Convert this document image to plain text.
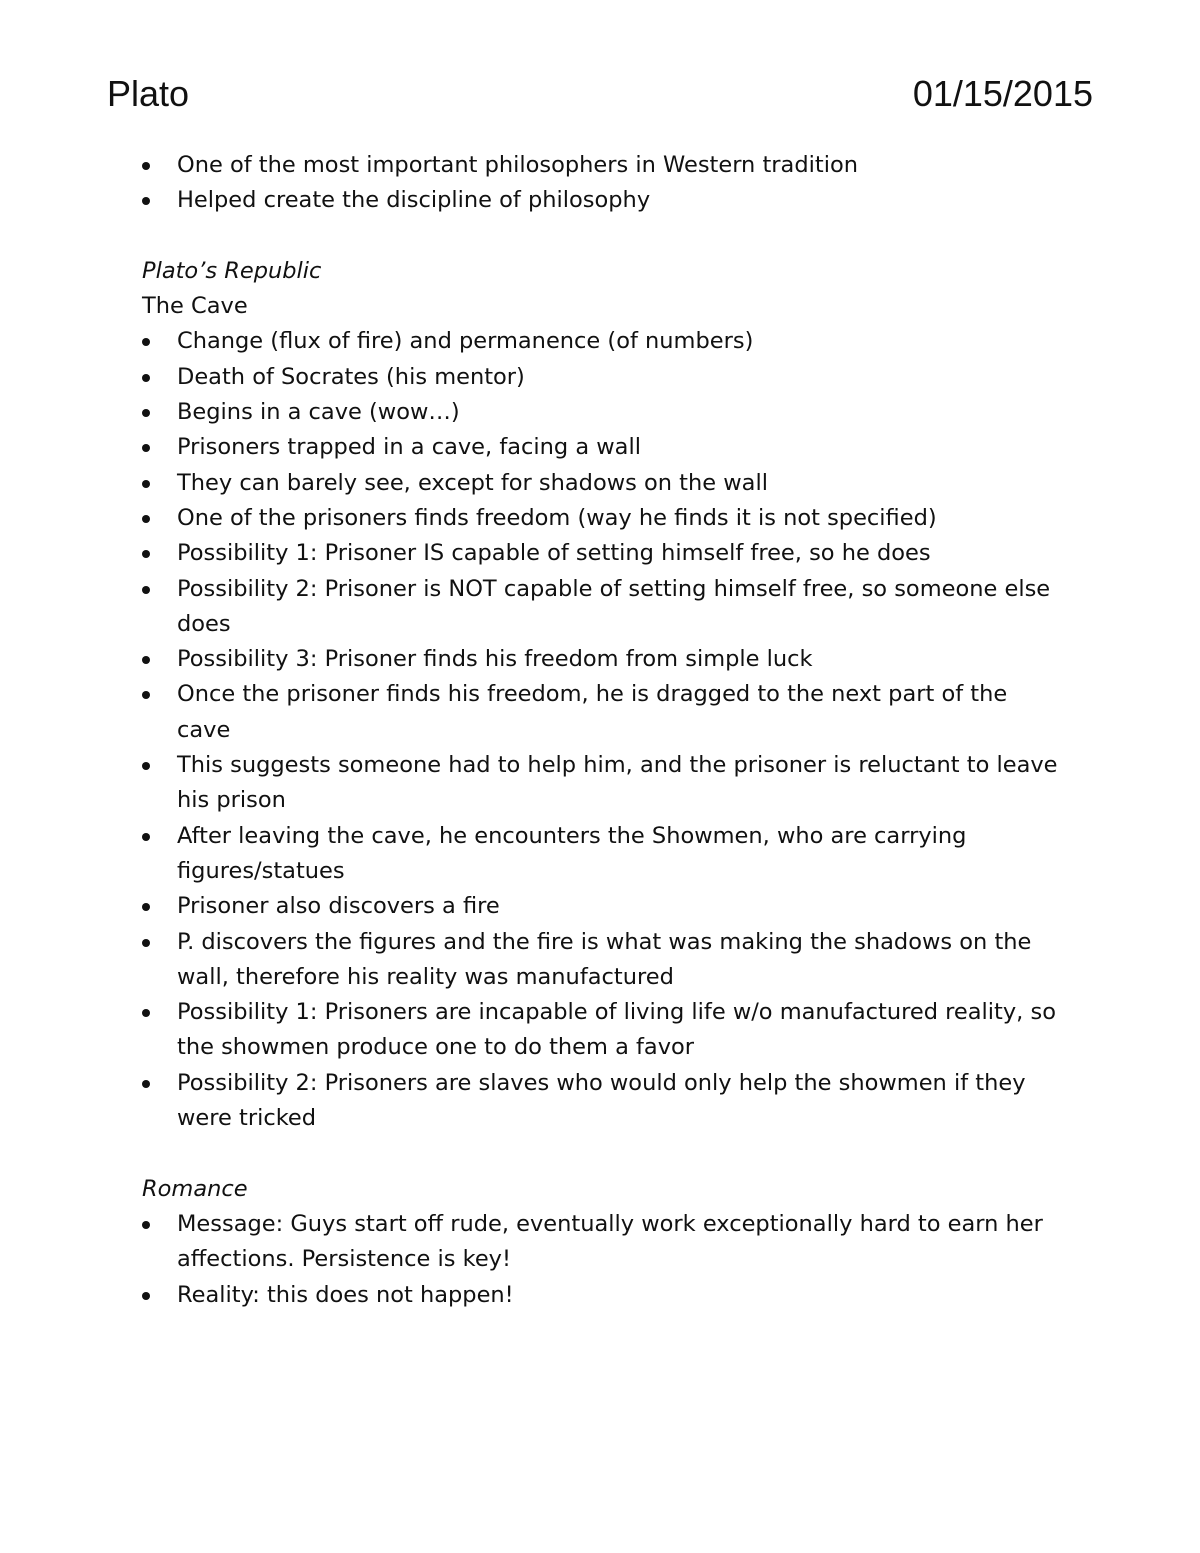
Plato	01/15/2015
One of the most important philosophers in Western tradition
Helped create the discipline of philosophy
Plato’s Republic
The Cave
Change (flux of fire) and permanence (of numbers)
Death of Socrates (his mentor)
Begins in a cave (wow…)
Prisoners trapped in a cave, facing a wall
They can barely see, except for shadows on the wall
One of the prisoners finds freedom (way he finds it is not specified)
Possibility 1: Prisoner IS capable of setting himself free, so he does
Possibility 2: Prisoner is NOT capable of setting himself free, so someone else does
Possibility 3: Prisoner finds his freedom from simple luck
Once the prisoner finds his freedom, he is dragged to the next part of the cave
This suggests someone had to help him, and the prisoner is reluctant to leave his prison
After leaving the cave, he encounters the Showmen, who are carrying figures/statues
Prisoner also discovers a fire
P. discovers the figures and the fire is what was making the shadows on the wall, therefore his reality was manufactured
Possibility 1: Prisoners are incapable of living life w/o manufactured reality, so the showmen produce one to do them a favor
Possibility 2: Prisoners are slaves who would only help the showmen if they were tricked
Romance
Message: Guys start off rude, eventually work exceptionally hard to earn her affections. Persistence is key!
Reality: this does not happen!
